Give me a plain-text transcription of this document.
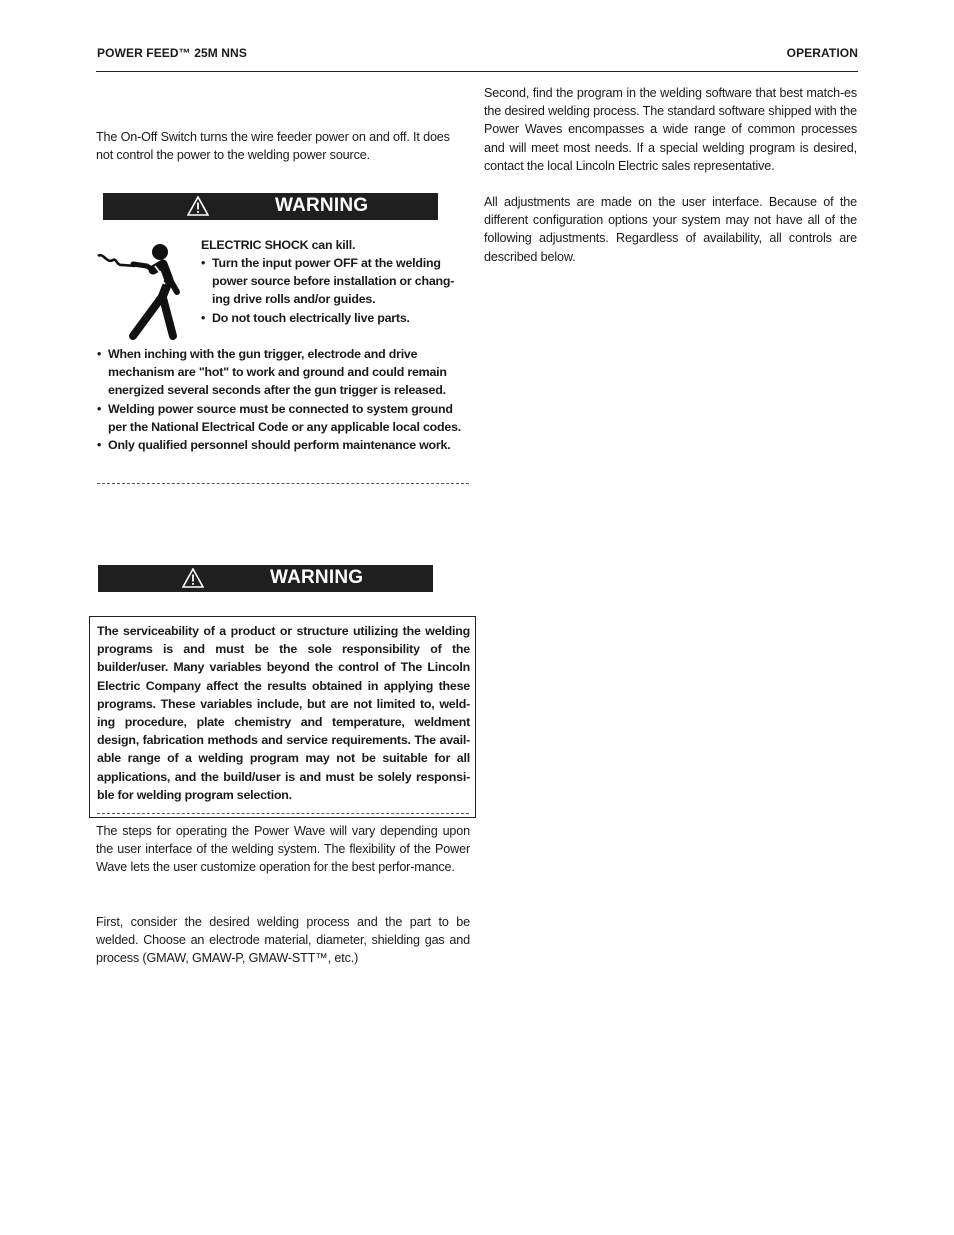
POWER FEED™ 25M NNS	OPERATION
The On-Off Switch turns the wire feeder power on and off. It does not control the power to the welding power source.
WARNING
ELECTRIC SHOCK can kill.
• Turn the input power OFF at the welding power source before installation or chang-ing drive rolls and/or guides.
• Do not touch electrically live parts.
• When inching with the gun trigger, electrode and drive mechanism are "hot" to work and ground and could remain energized several seconds after the gun trigger is released.
• Welding power source must be connected to system ground per the National Electrical Code or any applicable local codes.
• Only qualified personnel should perform maintenance work.
WARNING
The serviceability of a product or structure utilizing the welding programs is and must be the sole responsibility of the builder/user. Many variables beyond the control of The Lincoln Electric Company affect the results obtained in applying these programs. These variables include, but are not limited to, weld-ing procedure, plate chemistry and temperature, weldment design, fabrication methods and service requirements. The avail-able range of a welding program may not be suitable for all applications, and the build/user is and must be solely responsi-ble for welding program selection.
The steps for operating the Power Wave will vary depending upon the user interface of the welding system. The flexibility of the Power Wave lets the user customize operation for the best perfor-mance.
First, consider the desired welding process and the part to be welded. Choose an electrode material, diameter, shielding gas and process (GMAW, GMAW-P, GMAW-STT™, etc.)
Second, find the program in the welding software that best match-es the desired welding process. The standard software shipped with the Power Waves encompasses a wide range of common processes and will meet most needs. If a special welding program is desired, contact the local Lincoln Electric sales representative.
All adjustments are made on the user interface. Because of the different configuration options your system may not have all of the following adjustments. Regardless of availability, all controls are described below.
